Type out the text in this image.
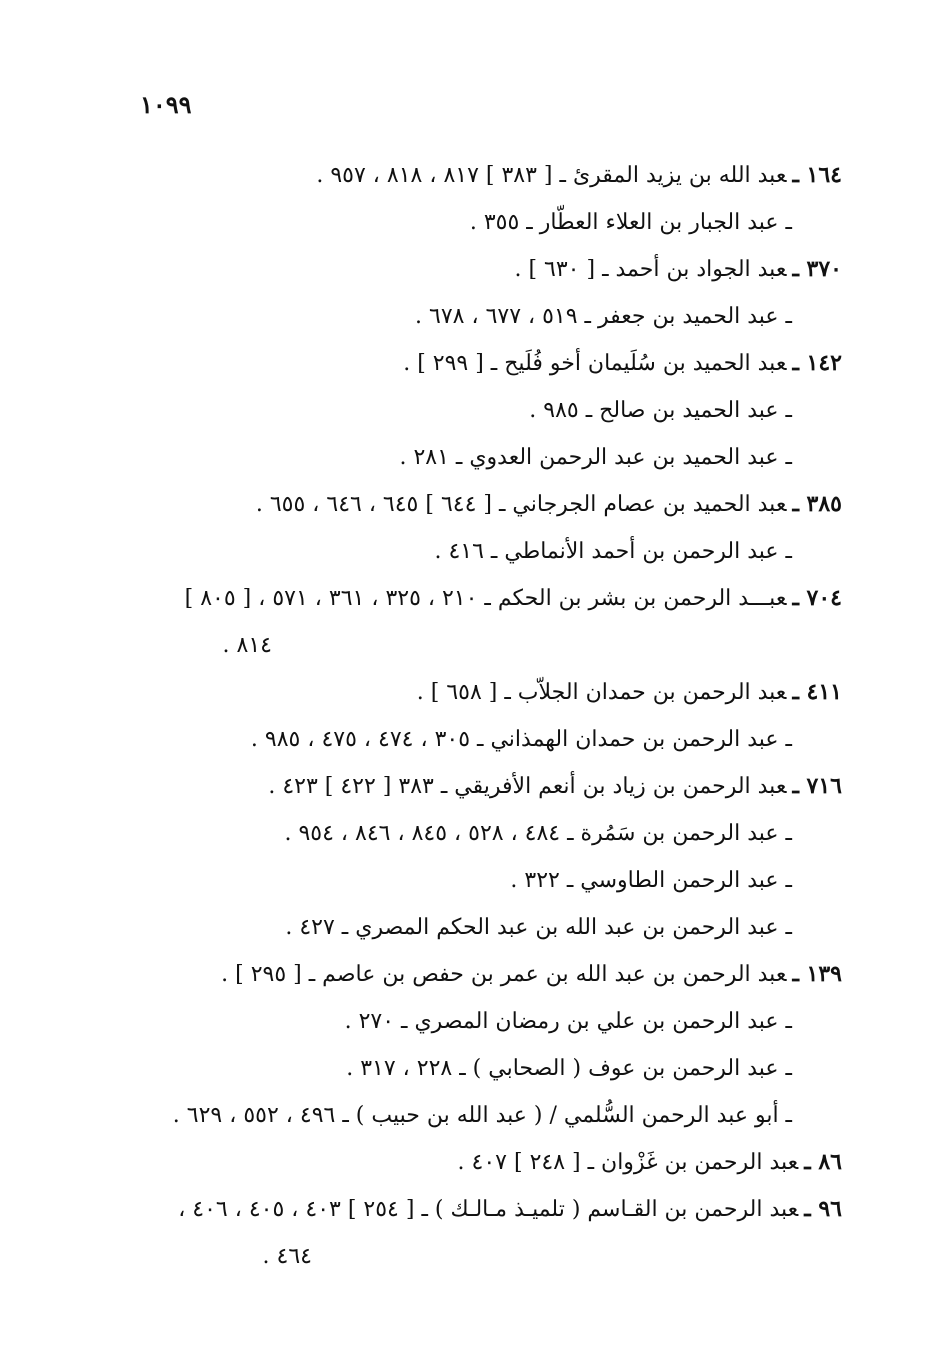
١٠٩٩
١٦٤ ـعبد الله بن يزيد المقرئ ـ [ ٣٨٣ ] ٨١٧ ، ٨١٨ ، ٩٥٧ .
ـ عبد الجبار بن العلاء العطّار ـ ٣٥٥ .
٣٧٠ ـعبد الجواد بن أحمد ـ [ ٦٣٠ ] .
ـ عبد الحميد بن جعفر ـ ٥١٩ ، ٦٧٧ ، ٦٧٨ .
١٤٢ ـعبد الحميد بن سُلَيمان أخو فُلَيح ـ [ ٢٩٩ ] .
ـ عبد الحميد بن صالح ـ ٩٨٥ .
ـ عبد الحميد بن عبد الرحمن العدوي ـ ٢٨١ .
٣٨٥ ـعبد الحميد بن عصام الجرجاني ـ [ ٦٤٤ ] ٦٤٥ ، ٦٤٦ ، ٦٥٥ .
ـ عبد الرحمن بن أحمد الأنماطي ـ ٤١٦ .
٧٠٤ ـعبـــد الرحمن بن بشر بن الحكم ـ ٢١٠ ، ٣٢٥ ، ٣٦١ ، ٥٧١ ، [ ٨٠٥ ]
٨١٤ .
٤١١ ـعبد الرحمن بن حمدان الجلاّب ـ [ ٦٥٨ ] .
ـ عبد الرحمن بن حمدان الهمذاني ـ ٣٠٥ ، ٤٧٤ ، ٤٧٥ ، ٩٨٥ .
٧١٦ ـعبد الرحمن بن زياد بن أنعم الأفريقي ـ ٣٨٣ [ ٤٢٢ ] ٤٢٣ .
ـ عبد الرحمن بن سَمُرة ـ ٤٨٤ ، ٥٢٨ ، ٨٤٥ ، ٨٤٦ ، ٩٥٤ .
ـ عبد الرحمن الطاوسي ـ ٣٢٢ .
ـ عبد الرحمن بن عبد الله بن عبد الحكم المصري ـ ٤٢٧ .
١٣٩ ـعبد الرحمن بن عبد الله بن عمر بن حفص بن عاصم ـ [ ٢٩٥ ] .
ـ عبد الرحمن بن علي بن رمضان المصري ـ ٢٧٠ .
ـ عبد الرحمن بن عوف ( الصحابي ) ـ ٢٢٨ ، ٣١٧ .
ـ أبو عبد الرحمن السُّلمي / ( عبد الله بن حبيب ) ـ ٤٩٦ ، ٥٥٢ ، ٦٢٩ .
٨٦ ـعبد الرحمن بن غَزْوان ـ [ ٢٤٨ ] ٤٠٧ .
٩٦ ـعبد الرحمن بن القـاسم ( تلميـذ مـالـك ) ـ [ ٢٥٤ ] ٤٠٣ ، ٤٠٥ ، ٤٠٦ ،
٤٦٤ .
